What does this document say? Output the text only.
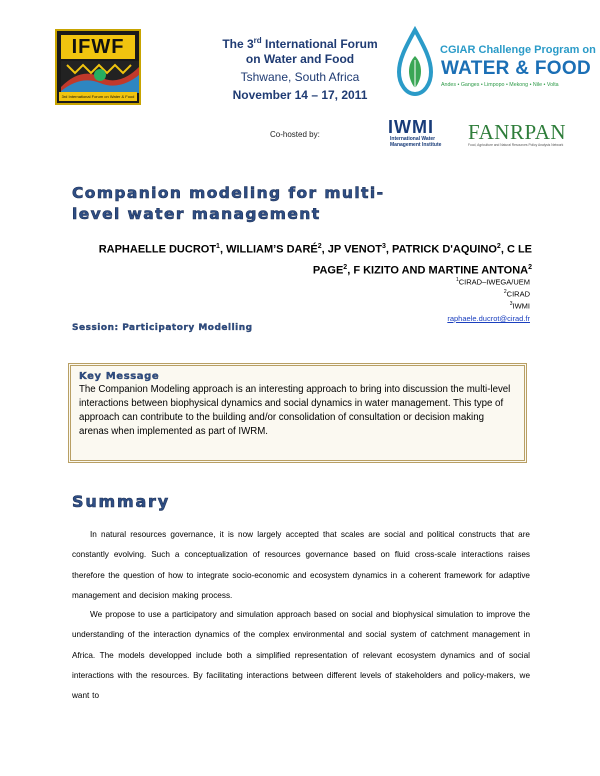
IFWF
3rd International Forum on Water & Food
The 3rd International Forum
on Water and Food
Tshwane, South Africa
November 14 – 17, 2011
CGIAR Challenge Program on
WATER & FOOD
Andes • Ganges • Limpopo • Mekong • Nile • Volta
Co-hosted by:	IWMI
International Water Management Institute
FANRPAN
Food, Agriculture and Natural Resources Policy Analysis Network
Companion modeling for multi-level water management
RAPHAELLE DUCROT$^1$, WILLIAM’S DARÉ$^2$, JP VENOT$^3$, PATRICK D'AQUINO$^2$, C LE PAGE$^2$, F KIZITO AND MARTINE ANTONA$^2$
$^1$CIRAD–IWEGA/UEM
$^2$CIRAD
$^3$IWMI
raphaele.ducrot@cirad.fr
Session: Participatory Modelling
Key Message
The Companion Modeling approach is an interesting approach to bring into discussion the multi-level interactions between biophysical dynamics and social dynamics in water management. This type of approach can contribute to the building and/or consolidation of consultation or decision making arenas when implemented as part of IWRM.
Summary
In natural resources governance, it is now largely accepted that scales are social and political constructs that are constantly evolving. Such a conceptualization of resources governance based on fluid cross-scale interactions raises therefore the question of how to integrate socio-economic and ecosystem dynamics in a coherent framework for adaptive management and decision making process.
We propose to use a participatory and simulation approach based on social and biophysical simulation to improve the understanding of the interaction dynamics of the complex environmental and social system of catchment management in Africa. The models developped include both a simplified representation of relevant ecosystem dynamics and of social interactions with the resources. By facilitating interactions between different levels of stakeholders and policy-makers, we want to
